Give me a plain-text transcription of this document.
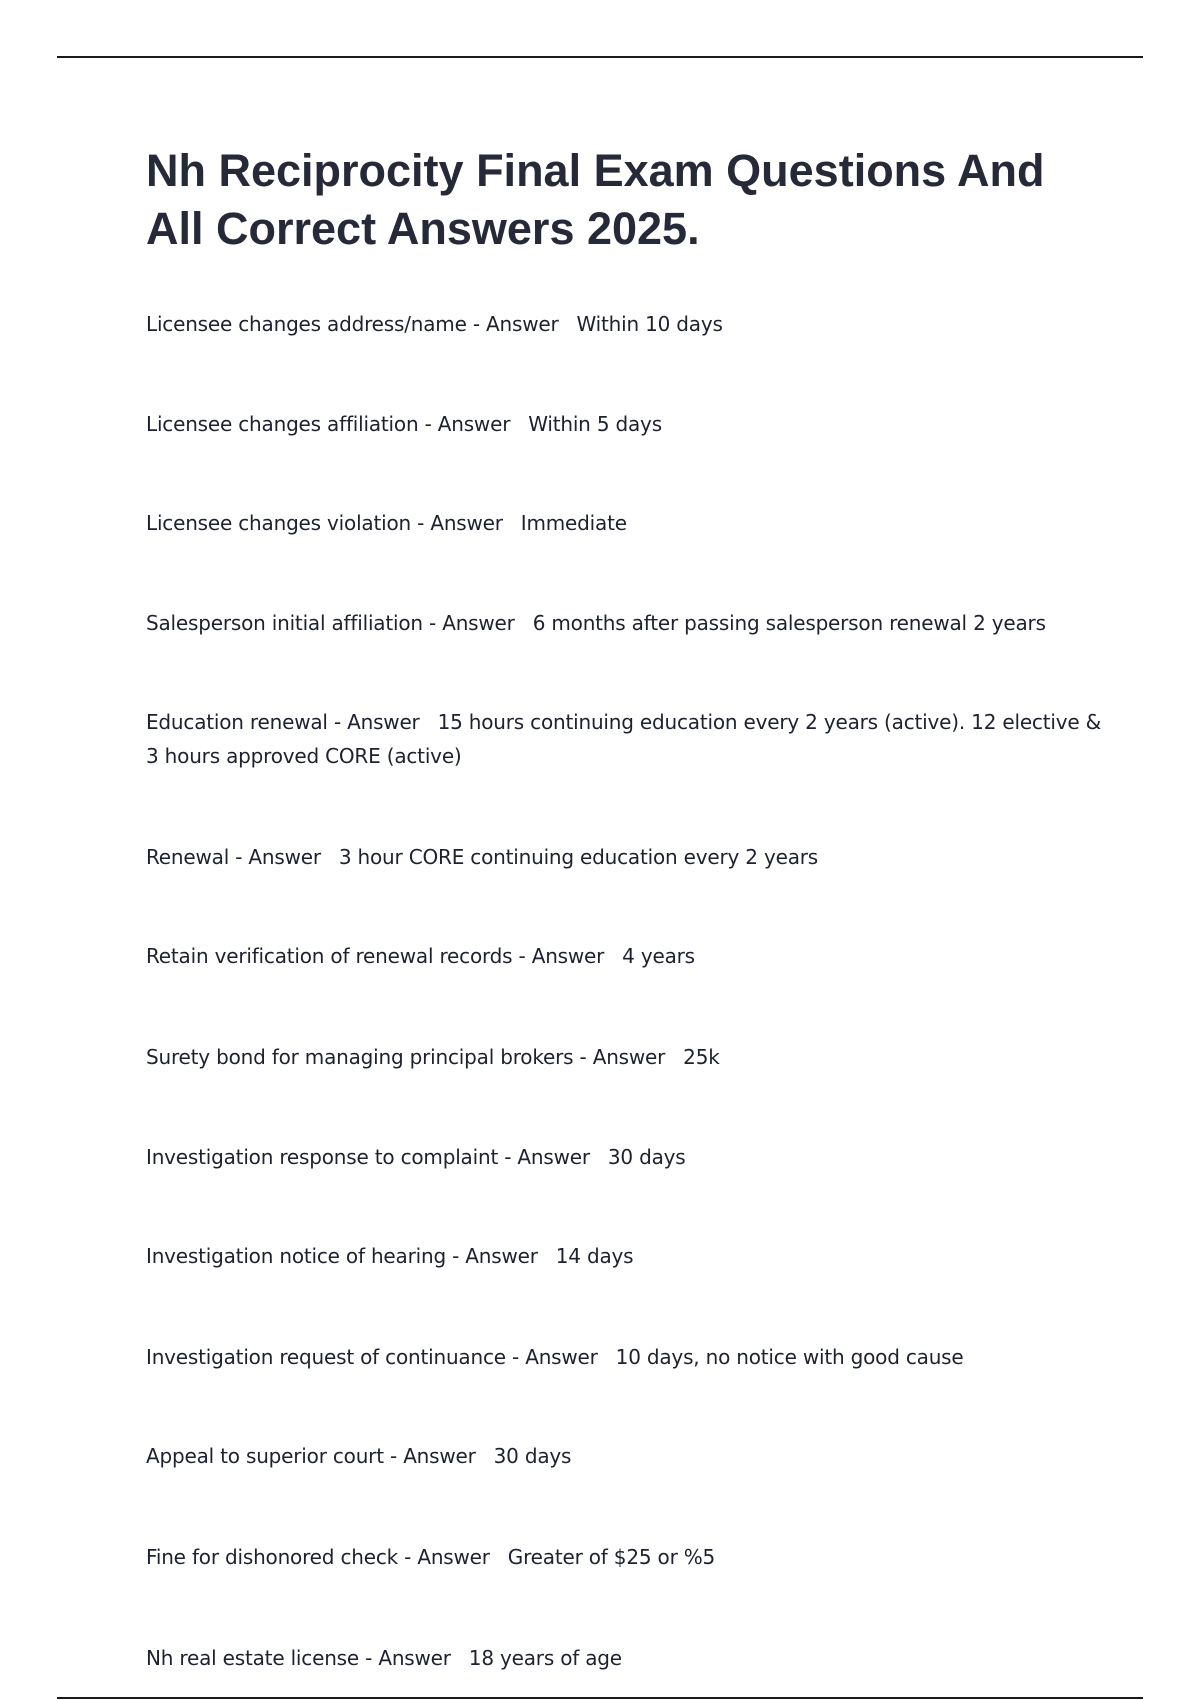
Nh Reciprocity Final Exam Questions And All Correct Answers 2025.
Licensee changes address/name - Answer Within 10 days
Licensee changes affiliation - Answer Within 5 days
Licensee changes violation - Answer Immediate
Salesperson initial affiliation - Answer 6 months after passing salesperson renewal 2 years
Education renewal - Answer 15 hours continuing education every 2 years (active). 12 elective & 3 hours approved CORE (active)
Renewal - Answer 3 hour CORE continuing education every 2 years
Retain verification of renewal records - Answer 4 years
Surety bond for managing principal brokers - Answer 25k
Investigation response to complaint - Answer 30 days
Investigation notice of hearing - Answer 14 days
Investigation request of continuance - Answer 10 days, no notice with good cause
Appeal to superior court - Answer 30 days
Fine for dishonored check - Answer Greater of $25 or %5
Nh real estate license - Answer 18 years of age
